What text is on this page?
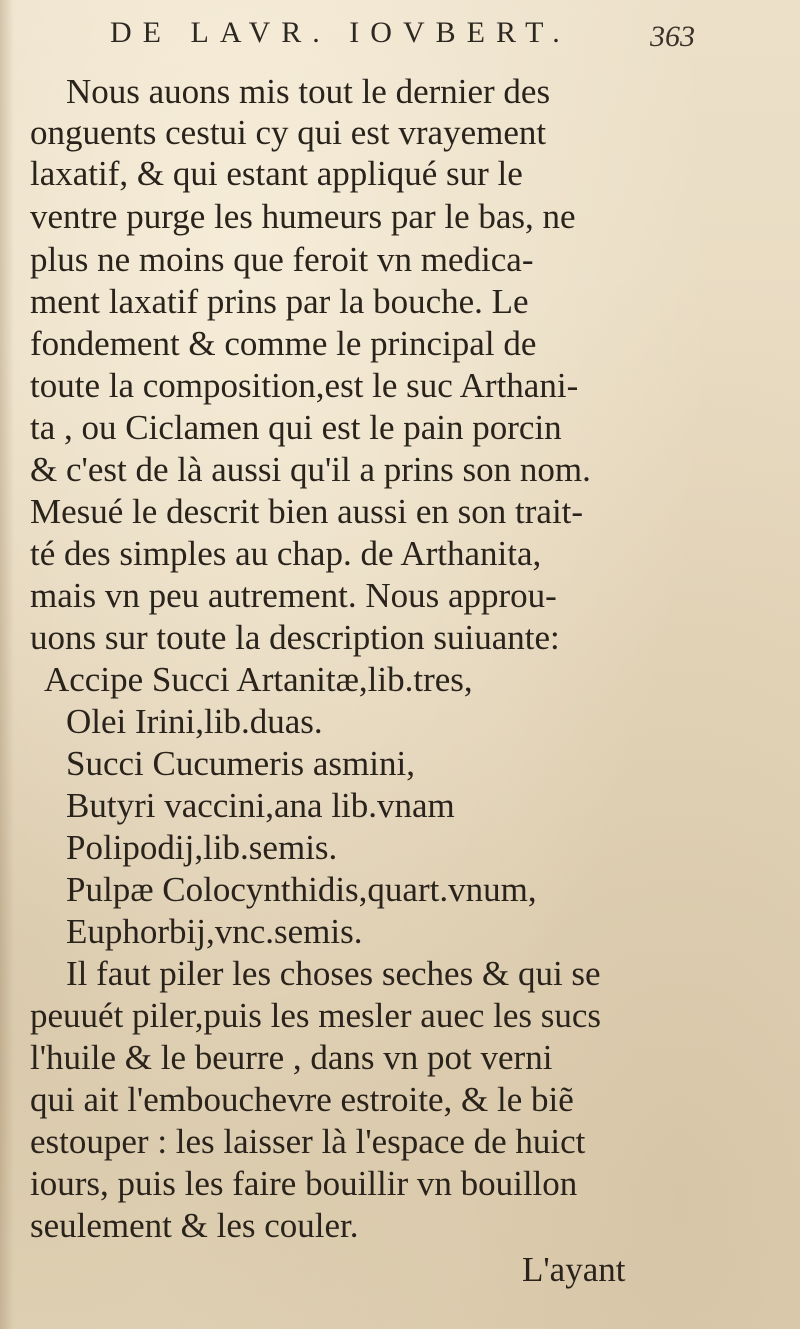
DE LAVR. IOVBERT.	363
Nous auons mis tout le dernier des
onguents cestui cy qui est vrayement
laxatif, & qui estant appliqué sur le
ventre purge les humeurs par le bas, ne
plus ne moins que feroit vn medica-
ment laxatif prins par la bouche. Le
fondement & comme le principal de
toute la composition,est le suc Arthani-
ta , ou Ciclamen qui est le pain porcin
& c'est de là aussi qu'il a prins son nom.
Mesué le descrit bien aussi en son trait-
té des simples au chap. de Arthanita,
mais vn peu autrement. Nous approu-
uons sur toute la description suiuante:
Accipe Succi Artanitæ,lib.tres,
Olei Irini,lib.duas.
Succi Cucumeris asmini,
Butyri vaccini,ana lib.vnam
Polipodij,lib.semis.
Pulpæ Colocynthidis,quart.vnum,
Euphorbij,vnc.semis.
Il faut piler les choses seches & qui se
peuuét piler,puis les mesler auec les sucs
l'huile & le beurre , dans vn pot verni
qui ait l'embouchevre estroite, & le biẽ
estouper : les laisser là l'espace de huict
iours, puis les faire bouillir vn bouillon
seulement & les couler.
L'ayant
